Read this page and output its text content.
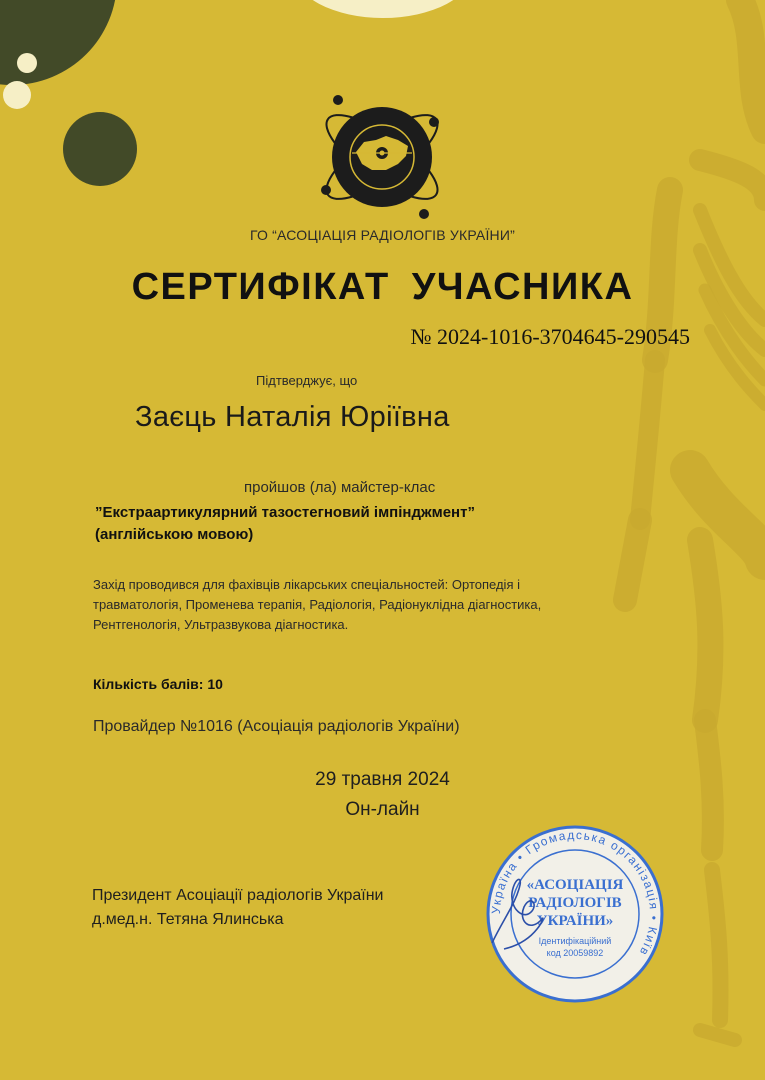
ГО “АСОЦІАЦІЯ РАДІОЛОГІВ УКРАЇНИ”
СЕРТИФІКАТ УЧАСНИКА
№ 2024-1016-3704645-290545
Підтверджує, що
Заєць Наталія Юріївна
пройшов (ла) майстер-клас
”Екстраартикулярний тазостегновий імпінджмент”
(англійською мовою)
Захід проводився для фахівців лікарських спеціальностей: Ортопедія і
травматологія, Променева терапія, Радіологія, Радіонуклідна діагностика,
Рентгенологія, Ультразвукова діагностика.
Кількість балів: 10
Провайдер №1016 (Асоціація радіологів України)
29 травня 2024
Он-лайн
Президент Асоціації радіологів України
д.мед.н. Тетяна Ялинська
Україна • Громадська організація • Київ
«АСОЦІАЦІЯ
РАДІОЛОГІВ
УКРАЇНИ»
Ідентифікаційний
код 20059892
